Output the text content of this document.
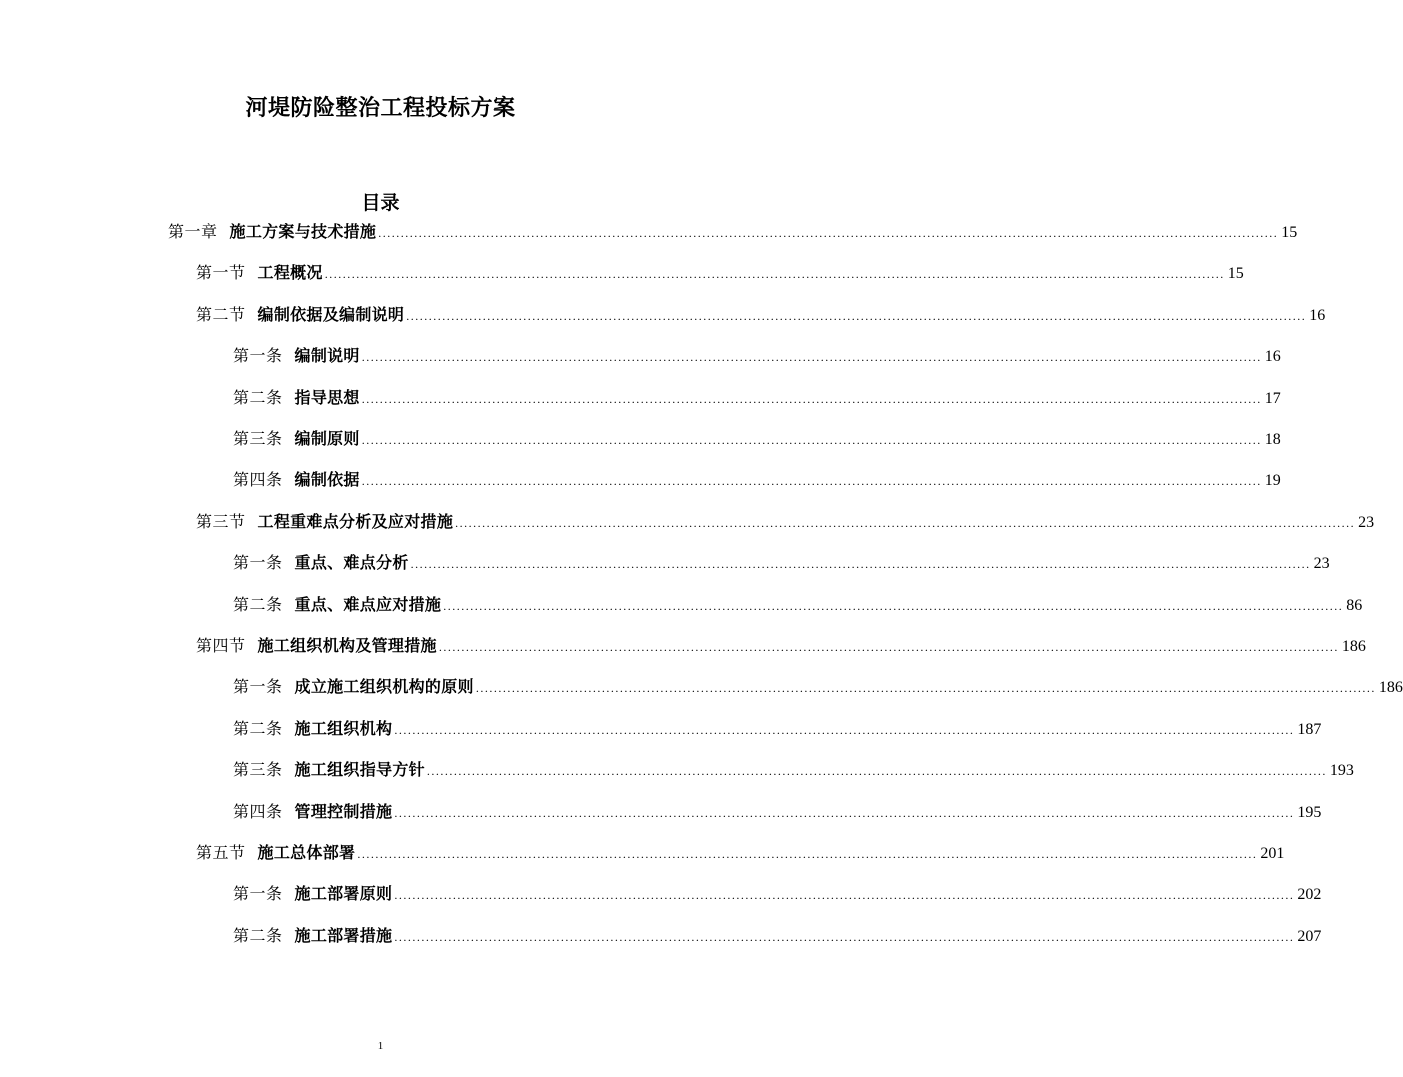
河堤防险整治工程投标方案
目录
第一章 施工方案与技术措施 ........................................................................................................................................................................................................ 15
第一节 工程概况 ........................................................................................................................................................................................................ 15
第二节 编制依据及编制说明 ........................................................................................................................................................................................................ 16
第一条 编制说明 ........................................................................................................................................................................................................ 16
第二条 指导思想 ........................................................................................................................................................................................................ 17
第三条 编制原则 ........................................................................................................................................................................................................ 18
第四条 编制依据 ........................................................................................................................................................................................................ 19
第三节 工程重难点分析及应对措施 ........................................................................................................................................................................................................ 23
第一条 重点、难点分析 ........................................................................................................................................................................................................ 23
第二条 重点、难点应对措施 ........................................................................................................................................................................................................ 86
第四节 施工组织机构及管理措施 ........................................................................................................................................................................................................ 186
第一条 成立施工组织机构的原则 ........................................................................................................................................................................................................ 186
第二条 施工组织机构 ........................................................................................................................................................................................................ 187
第三条 施工组织指导方针 ........................................................................................................................................................................................................ 193
第四条 管理控制措施 ........................................................................................................................................................................................................ 195
第五节 施工总体部署 ........................................................................................................................................................................................................ 201
第一条 施工部署原则 ........................................................................................................................................................................................................ 202
第二条 施工部署措施 ........................................................................................................................................................................................................ 207
1
